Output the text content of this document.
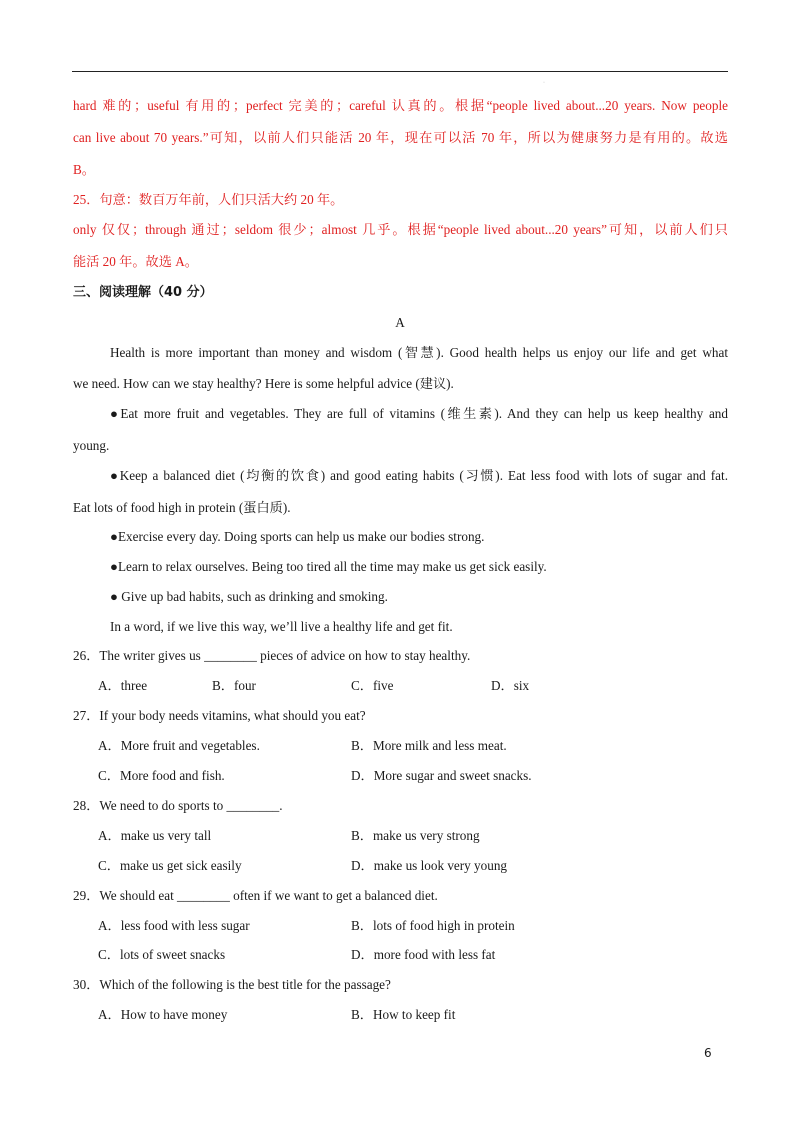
·
hard 难的；useful 有用的；perfect 完美的；careful 认真的。根据“people lived about...20 years. Now people
can live about 70 years.”可知，以前人们只能活 20 年，现在可以活 70 年，所以为健康努力是有用的。故选
B。
25．句意：数百万年前，人们只活大约 20 年。
only 仅仅；through 通过；seldom 很少；almost 几乎。根据“people lived about...20 years”可知，以前人们只
能活 20 年。故选 A。
三、阅读理解（40 分）
A
Health is more important than money and wisdom (智慧). Good health helps us enjoy our life and get what
we need. How can we stay healthy? Here is some helpful advice (建议).
●Eat more fruit and vegetables. They are full of vitamins (维生素). And they can help us keep healthy and
young.
●Keep a balanced diet (均衡的饮食) and good eating habits (习惯). Eat less food with lots of sugar and fat.
Eat lots of food high in protein (蛋白质).
●Exercise every day. Doing sports can help us make our bodies strong.
●Learn to relax ourselves. Being too tired all the time may make us get sick easily.
● Give up bad habits, such as drinking and smoking.
In a word, if we live this way, we’ll live a healthy life and get fit.
26．The writer gives us ________ pieces of advice on how to stay healthy.
A．three	B．four	C．five	D．six
27．If your body needs vitamins, what should you eat?
A．More fruit and vegetables.	B．More milk and less meat.
C．More food and fish.	D．More sugar and sweet snacks.
28．We need to do sports to ________.
A．make us very tall	B．make us very strong
C．make us get sick easily	D．make us look very young
29．We should eat ________ often if we want to get a balanced diet.
A．less food with less sugar	B．lots of food high in protein
C．lots of sweet snacks	D．more food with less fat
30．Which of the following is the best title for the passage?
A．How to have money	B．How to keep fit
6
